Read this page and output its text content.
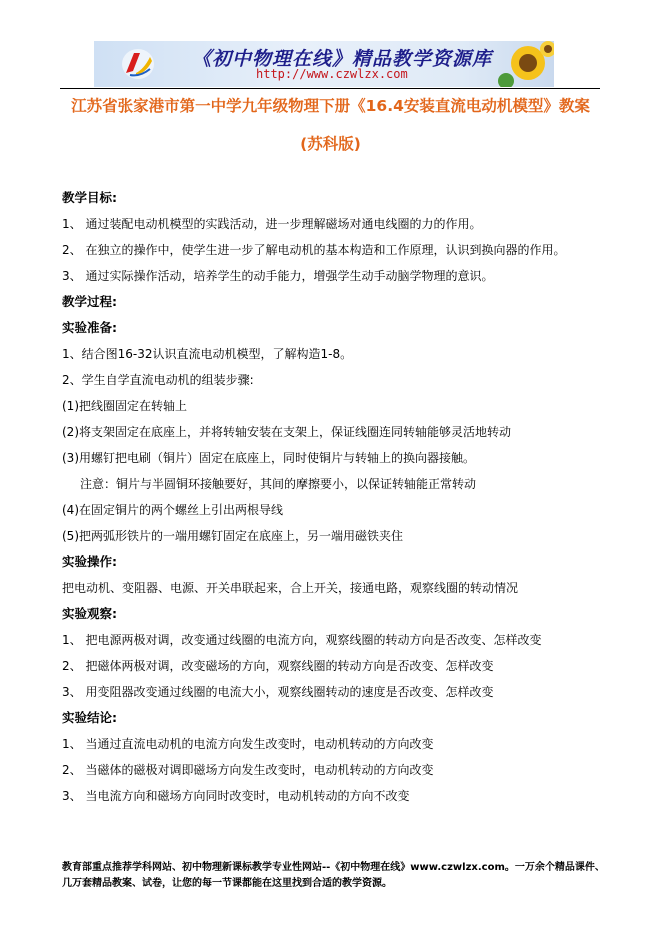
《初中物理在线》精品教学资源库
http://www.czwlzx.com
江苏省张家港市第一中学九年级物理下册《16.4安装直流电动机模型》教案
(苏科版)
教学目标:
1、 通过装配电动机模型的实践活动，进一步理解磁场对通电线圈的力的作用。
2、 在独立的操作中，使学生进一步了解电动机的基本构造和工作原理，认识到换向器的作用。
3、 通过实际操作活动，培养学生的动手能力，增强学生动手动脑学物理的意识。
教学过程:
实验准备:
1、结合图16-32认识直流电动机模型，了解构造1-8。
2、学生自学直流电动机的组装步骤:
(1)把线圈固定在转轴上
(2)将支架固定在底座上，并将转轴安装在支架上，保证线圈连同转轴能够灵活地转动
(3)用螺钉把电刷（铜片）固定在底座上，同时使铜片与转轴上的换向器接触。
注意：铜片与半圆铜环接触要好，其间的摩擦要小，以保证转轴能正常转动
(4)在固定铜片的两个螺丝上引出两根导线
(5)把两弧形铁片的一端用螺钉固定在底座上，另一端用磁铁夹住
实验操作:
把电动机、变阻器、电源、开关串联起来，合上开关，接通电路，观察线圈的转动情况
实验观察:
1、 把电源两极对调，改变通过线圈的电流方向，观察线圈的转动方向是否改变、怎样改变
2、 把磁体两极对调，改变磁场的方向，观察线圈的转动方向是否改变、怎样改变
3、 用变阻器改变通过线圈的电流大小，观察线圈转动的速度是否改变、怎样改变
实验结论:
1、 当通过直流电动机的电流方向发生改变时，电动机转动的方向改变
2、 当磁体的磁极对调即磁场方向发生改变时，电动机转动的方向改变
3、 当电流方向和磁场方向同时改变时，电动机转动的方向不改变
教育部重点推荐学科网站、初中物理新课标教学专业性网站--《初中物理在线》www.czwlzx.com。一万余个精品课件、
几万套精品教案、试卷，让您的每一节课都能在这里找到合适的教学资源。
